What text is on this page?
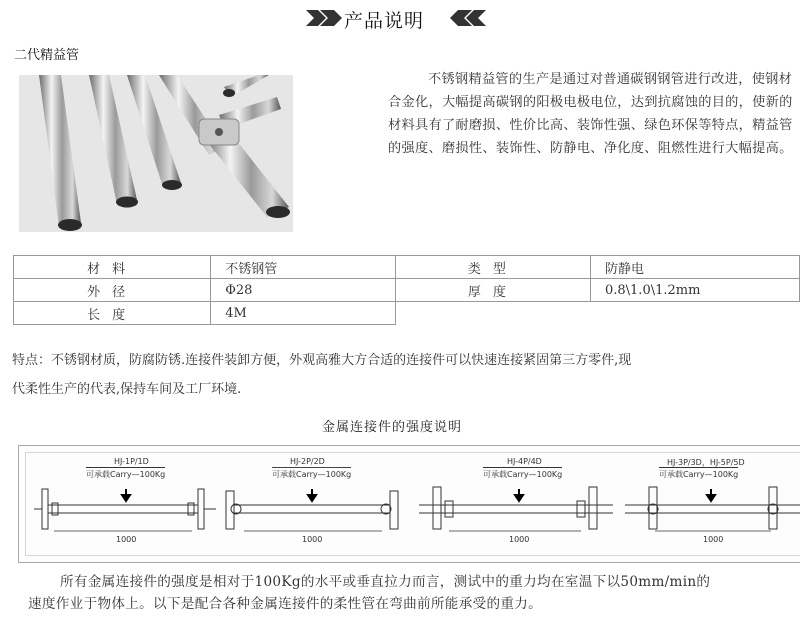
产品说明
二代精益管
不锈钢精益管的生产是通过对普通碳钢钢管进行改进，使钢材合金化，大幅提高碳钢的阳极电极电位，达到抗腐蚀的目的，使新的材料具有了耐磨损、性价比高、装饰性强、绿色环保等特点，精益管的强度、磨损性、装饰性、防静电、净化度、阻燃性进行大幅提高。
材料	不锈钢管	类型	防静电
外径	Φ28	厚度	0.8\1.0\1.2mm
长度	4M		
特点：不锈钢材质，防腐防锈.连接件装卸方便，外观高雅大方合适的连接件可以快速连接紧固第三方零件,现
代柔性生产的代表,保持车间及工厂环境.
金属连接件的强度说明
HJ-1P/1D
可承载Carry—100Kg
1000
HJ-2P/2D
可承载Carry—100Kg
1000
HJ-4P/4D
可承载Carry—100Kg
1000
HJ-3P/3D，HJ-5P/5D
可承载Carry—100Kg
1000
所有金属连接件的强度是相对于100Kg的水平或垂直拉力而言，测试中的重力均在室温下以50mm/min的
速度作业于物体上。以下是配合各种金属连接件的柔性管在弯曲前所能承受的重力。
